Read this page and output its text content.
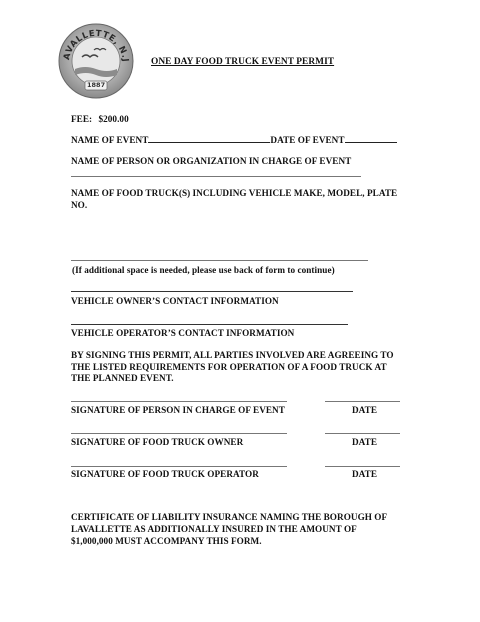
AVALLETTE, N.J
1887
ONE DAY FOOD TRUCK EVENT PERMIT
FEE: $200.00
NAME OF EVENT	DATE OF EVENT
NAME OF PERSON OR ORGANIZATION IN CHARGE OF EVENT
NAME OF FOOD TRUCK(S) INCLUDING VEHICLE MAKE, MODEL, PLATE
NO.
(If additional space is needed, please use back of form to continue)
VEHICLE OWNER’S CONTACT INFORMATION
VEHICLE OPERATOR’S CONTACT INFORMATION
BY SIGNING THIS PERMIT, ALL PARTIES INVOLVED ARE AGREEING TO
THE LISTED REQUIREMENTS FOR OPERATION OF A FOOD TRUCK AT
THE PLANNED EVENT.
SIGNATURE OF PERSON IN CHARGE OF EVENT	DATE
SIGNATURE OF FOOD TRUCK OWNER	DATE
SIGNATURE OF FOOD TRUCK OPERATOR	DATE
CERTIFICATE OF LIABILITY INSURANCE NAMING THE BOROUGH OF
LAVALLETTE AS ADDITIONALLY INSURED IN THE AMOUNT OF
$1,000,000 MUST ACCOMPANY THIS FORM.
